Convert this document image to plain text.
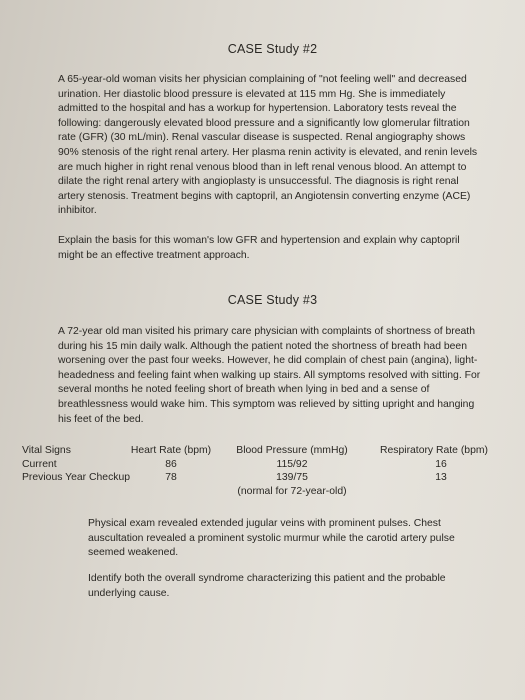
CASE Study #2

A 65-year-old woman visits her physician complaining of "not feeling well" and decreased urination. Her diastolic blood pressure is elevated at 115 mm Hg. She is immediately admitted to the hospital and has a workup for hypertension. Laboratory tests reveal the following: dangerously elevated blood pressure and a significantly low glomerular filtration rate (GFR) (30 mL/min). Renal vascular disease is suspected. Renal angiography shows 90% stenosis of the right renal artery. Her plasma renin activity is elevated, and renin levels are much higher in right renal venous blood than in left renal venous blood. An attempt to dilate the right renal artery with angioplasty is unsuccessful. The diagnosis is right renal artery stenosis. Treatment begins with captopril, an Angiotensin converting enzyme (ACE) inhibitor.

Explain the basis for this woman's low GFR and hypertension and explain why captopril might be an effective treatment approach.

CASE Study #3

A 72-year old man visited his primary care physician with complaints of shortness of breath during his 15 min daily walk. Although the patient noted the shortness of breath had been worsening over the past four weeks. However, he did complain of chest pain (angina), light-headedness and feeling faint when walking up stairs. All symptoms resolved with sitting. For several months he noted feeling short of breath when lying in bed and a sense of breathlessness would wake him. This symptom was relieved by sitting upright and hanging his feet of the bed.

Vital Signs
Current
Previous Year Checkup
Heart Rate (bpm)
86
78
Blood Pressure (mmHg)
115/92
139/75
(normal for 72-year-old)
Respiratory Rate (bpm)
16
13

Physical exam revealed extended jugular veins with prominent pulses. Chest auscultation revealed a prominent systolic murmur while the carotid artery pulse seemed weakened.

Identify both the overall syndrome characterizing this patient and the probable underlying cause.
